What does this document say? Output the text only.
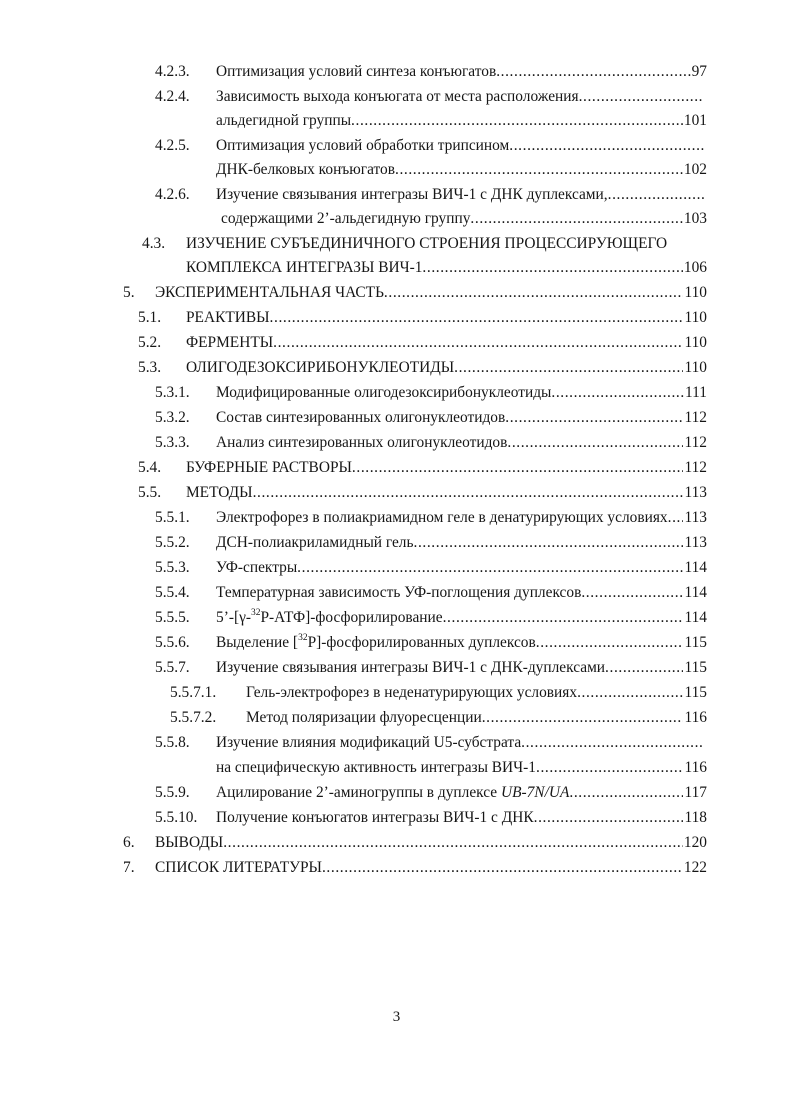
4.2.3. Оптимизация условий синтеза конъюгатов .....	97
4.2.4. Зависимость выхода конъюгата от места расположения
.....
альдегидной группы .....	101
4.2.5. Оптимизация условий обработки трипсином
.....
ДНК-белковых конъюгатов .....	102
4.2.6. Изучение связывания интегразы ВИЧ-1 с ДНК дуплексами,
.....
содержащими 2’-альдегидную группу .....	103
4.3. ИЗУЧЕНИЕ СУБЪЕДИНИЧНОГО СТРОЕНИЯ ПРОЦЕССИРУЮЩЕГО
КОМПЛЕКСА ИНТЕГРАЗЫ ВИЧ-1 .....	106
5. ЭКСПЕРИМЕНТАЛЬНАЯ ЧАСТЬ .....	110
5.1. РЕАКТИВЫ .....	110
5.2. ФЕРМЕНТЫ .....	110
5.3. ОЛИГОДЕЗОКСИРИБОНУКЛЕОТИДЫ .....	110
5.3.1. Модифицированные олигодезоксирибонуклеотиды .....	111
5.3.2. Состав синтезированных олигонуклеотидов .....	112
5.3.3. Анализ синтезированных олигонуклеотидов .....	112
5.4. БУФЕРНЫЕ РАСТВОРЫ .....	112
5.5. МЕТОДЫ .....	113
5.5.1. Электрофорез в полиакриамидном геле в денатурирующих условиях ..... 113
5.5.2. ДСН-полиакриламидный гель .....	113
5.5.3. УФ-спектры .....	114
5.5.4. Температурная зависимость УФ-поглощения дуплексов .....	114
5.5.5. 5’-[γ-$^{32}$Р-АТФ]-фосфорилирование .....	114
5.5.6. Выделение [$^{32}$Р]-фосфорилированных дуплексов .....	115
5.5.7. Изучение связывания интегразы ВИЧ-1 с ДНК-дуплексами .....	115
5.5.7.1. Гель-электрофорез в неденатурирующих условиях .....	115
5.5.7.2. Метод поляризации флуоресценции .....	116
5.5.8. Изучение влияния модификаций U5-субстрата
.....
на специфическую активность интегразы ВИЧ-1 .....	116
5.5.9. Ацилирование 2’-аминогруппы в дуплексе UB-7N/UA .....	117
5.5.10. Получение конъюгатов интегразы ВИЧ-1 с ДНК .....	118
6. ВЫВОДЫ .....	120
7. СПИСОК ЛИТЕРАТУРЫ .....	122
3
